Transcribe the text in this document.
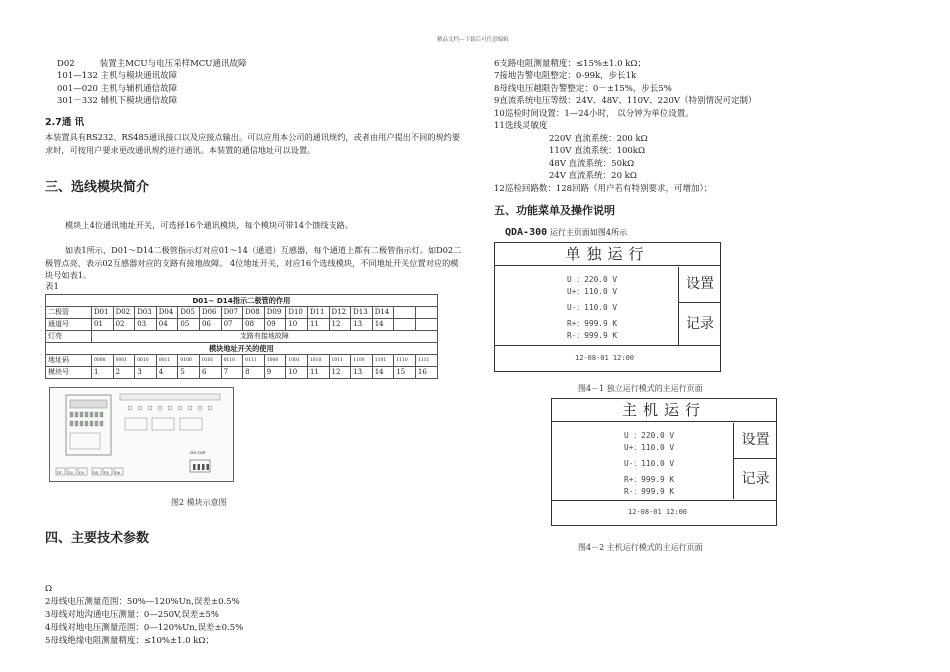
精品文档---下载后可任意编辑
D02	装置主MCU与电压采样MCU通讯故障
101—132 主机与模块通讯故障
001—020 主机与辅机通信故障
301－332 辅机下模块通信故障
2.7通 讯
本装置具有RS232、RS485通讯接口以及应接点输出。可以应用本公司的通讯规约，或者由用户提出不同的规约要求时，可按用户要求更改通讯规约进行通讯。本装置的通信地址可以设置。
三、选线模块简介
模块上4位通讯地址开关，可选择16个通讯模块，每个模块可带14个馈线支路。
如表1所示，D01～D14二极管指示灯对应01～14（通道）互感器，每个通道上都有二极管指示灯。如D02二极管点亮，表示02互感器对应的支路有接地故障。 4位地址开关，对应16个选线模块，不同地址开关位置对应的模块号如表1。
表1
D01~ D14指示二极管的作用																
二极管	D01	D02	D03	D04	D05	D06	D07	D08	D09	D10	D11	D12	D13	D14		
通道号	01	02	03	04	05	06	07	08	09	10	11	12	13	14		
灯亮	支路有接地故障															
模块地址开关的使用																
地址码	0000	0001	0010	0011	0100	0101	0110	0111	1000	1001	1010	1011	1100	1101	1110	1111
模块号	1	2	3	4	5	6	7	8	9	10	11	12	13	14	15	16
ON DIP
D1 D2 D3	D4 D5 D6
图2 模块示意图
四、主要技术参数
Ω
2母线电压测量范围：50%—120%Un,误差±0.5%
3母线对地沟通电压测量：0—250V,误差±5%
4母线对地电压测量范围：0—120%Un,误差±0.5%
5母线绝缘电阻测量精度：≤10%±1.0 kΩ；
6支路电阻测量精度：≤15%±1.0 kΩ；
7接地告警电阻整定：0-99k，步长1k
8母线电压越限告警整定：0－±15%，步长5%
9直流系统电压等级：24V、48V、110V、220V（特别情况可定制）
10巡检时间设置：1—24小时， 以分钟为单位设置。
11选线灵敏度
220V 直流系统：200 kΩ
110V 直流系统：100kΩ
48V 直流系统：50kΩ
24V 直流系统：20 kΩ
12巡检回路数：128回路（用户若有特别要求，可增加）；
五、功能菜单及操作说明
QDA-300 运行主页面如图4所示
单独运行
U ：220.0 V
U+：110.0 V
U-：110.0 V
R+：999.9 K
R-：999.9 K
设置
记录
12-08-01 12:00
图4－1 独立运行模式的主运行页面
主机运行
U ：220.0 V
U+：110.0 V
U-：110.0 V
R+：999.9 K
R-：999.9 K
设置
记录
12-08-01 12:00
图4－2 主机运行模式的主运行页面
